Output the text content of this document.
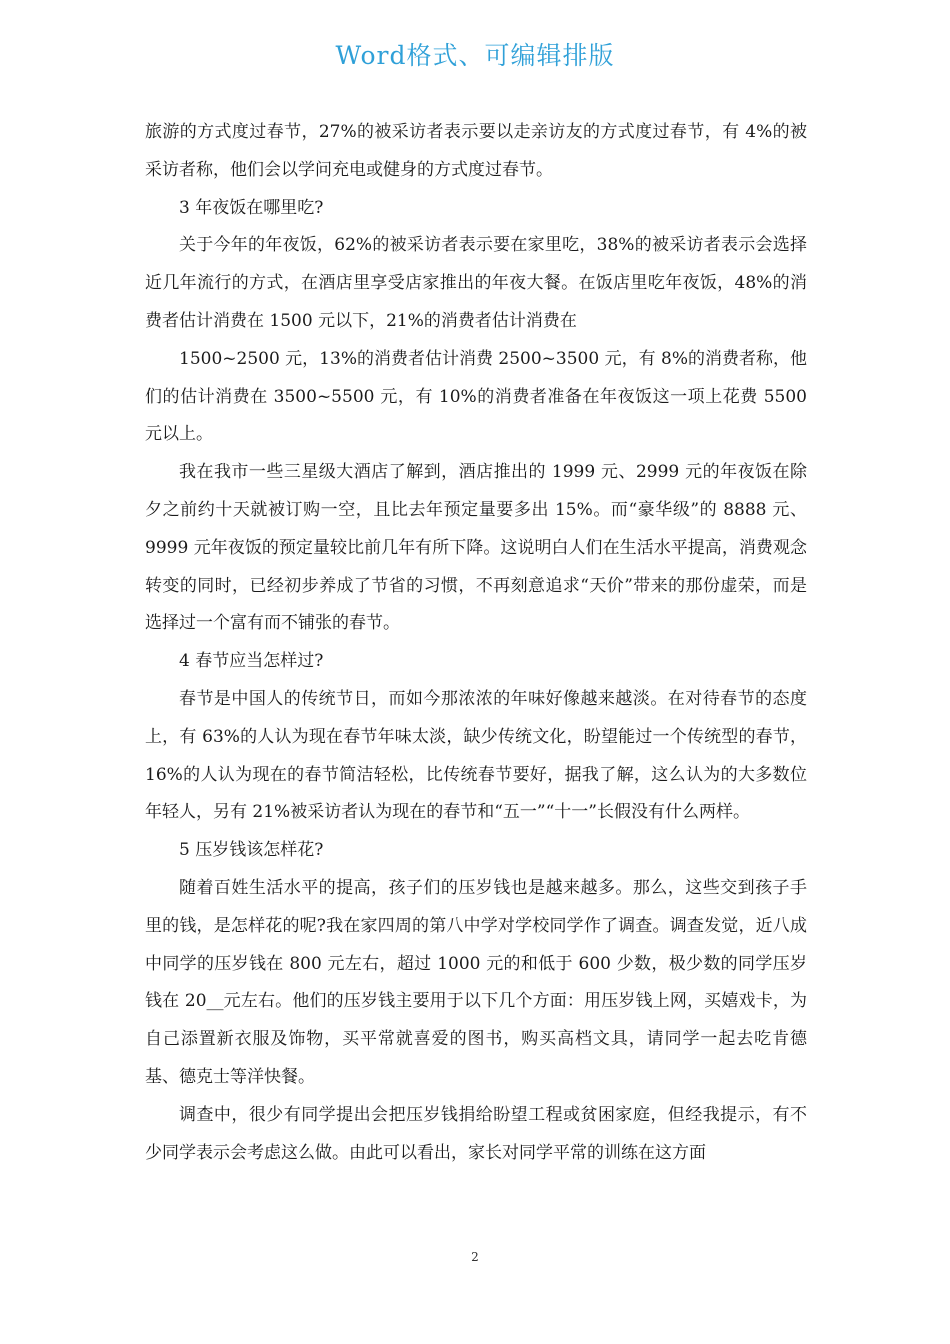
Word格式、可编辑排版

旅游的方式度过春节，27%的被采访者表示要以走亲访友的方式度过春节，有 4%的被采访者称，他们会以学问充电或健身的方式度过春节。

3 年夜饭在哪里吃?

关于今年的年夜饭，62%的被采访者表示要在家里吃，38%的被采访者表示会选择近几年流行的方式，在酒店里享受店家推出的年夜大餐。在饭店里吃年夜饭，48%的消费者估计消费在 1500 元以下，21%的消费者估计消费在

1500~2500 元，13%的消费者估计消费 2500~3500 元，有 8%的消费者称，他们的估计消费在 3500~5500 元，有 10%的消费者准备在年夜饭这一项上花费 5500 元以上。

我在我市一些三星级大酒店了解到，酒店推出的 1999 元、2999 元的年夜饭在除夕之前约十天就被订购一空，且比去年预定量要多出 15%。而“豪华级”的 8888 元、9999 元年夜饭的预定量较比前几年有所下降。这说明白人们在生活水平提高，消费观念转变的同时，已经初步养成了节省的习惯，不再刻意追求“天价”带来的那份虚荣，而是选择过一个富有而不铺张的春节。

4 春节应当怎样过?

春节是中国人的传统节日，而如今那浓浓的年味好像越来越淡。在对待春节的态度上，有 63%的人认为现在春节年味太淡，缺少传统文化，盼望能过一个传统型的春节，16%的人认为现在的春节简洁轻松，比传统春节要好，据我了解，这么认为的大多数位年轻人，另有 21%被采访者认为现在的春节和“五一”“十一”长假没有什么两样。

5 压岁钱该怎样花?

随着百姓生活水平的提高，孩子们的压岁钱也是越来越多。那么，这些交到孩子手里的钱，是怎样花的呢?我在家四周的第八中学对学校同学作了调查。调查发觉，近八成中同学的压岁钱在 800 元左右，超过 1000 元的和低于 600 少数，极少数的同学压岁钱在 20__元左右。他们的压岁钱主要用于以下几个方面：用压岁钱上网，买嬉戏卡，为自己添置新衣服及饰物，买平常就喜爱的图书，购买高档文具，请同学一起去吃肯德基、德克士等洋快餐。

调查中，很少有同学提出会把压岁钱捐给盼望工程或贫困家庭，但经我提示，有不少同学表示会考虑这么做。由此可以看出，家长对同学平常的训练在这方面

2
